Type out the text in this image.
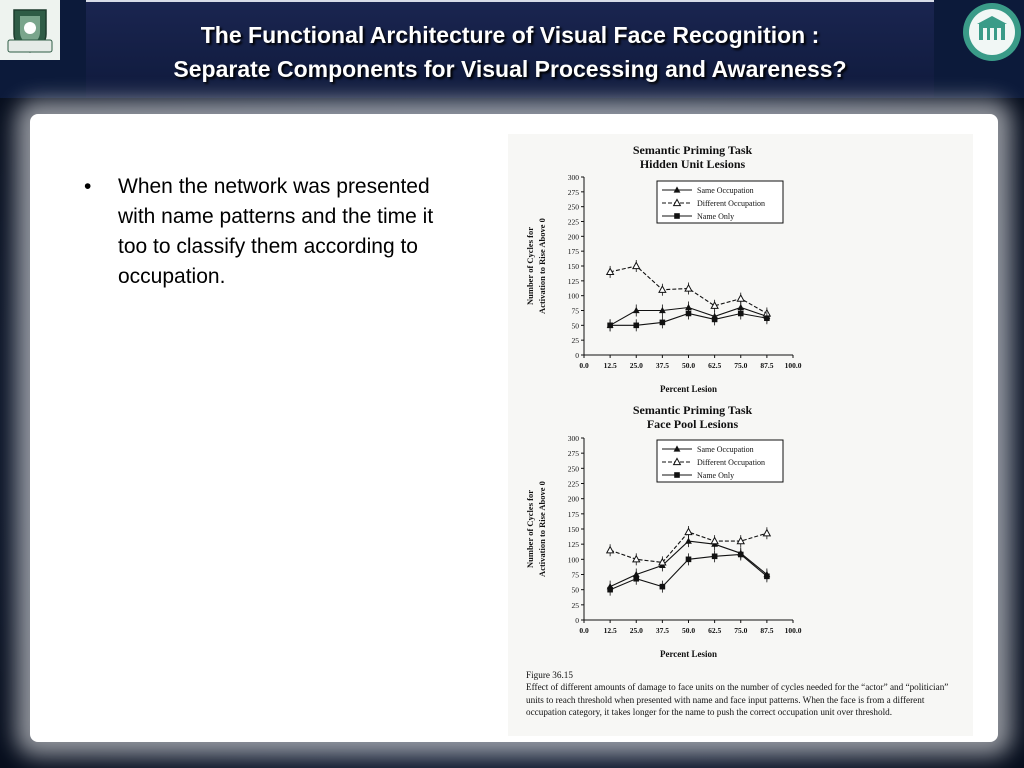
The Functional Architecture of Visual Face Recognition :
Separate Components for Visual Processing and Awareness?
• When the network was presented with name patterns and the time it too to classify them according to occupation.
Semantic Priming Task
Hidden Unit Lesions
0
25
50
75
100
125
150
175
200
225
250
275
300
0.0 12.5 25.0 37.5 50.0 62.5 75.0 87.5 100.0
Percent Lesion
Number of Cycles for Activation to Rise Above 0
Same Occupation
Different Occupation
Name Only
Semantic Priming Task
Face Pool Lesions
0
25
50
75
100
125
150
175
200
225
250
275
300
0.0 12.5 25.0 37.5 50.0 62.5 75.0 87.5 100.0
Percent Lesion
Number of Cycles for Activation to Rise Above 0
Same Occupation
Different Occupation
Name Only
Figure 36.15
Effect of different amounts of damage to face units on the number of cycles needed for the “actor” and “politician” units to reach threshold when presented with name and face input patterns. When the face is from a different occupation category, it takes longer for the name to push the correct occupation unit over threshold.
